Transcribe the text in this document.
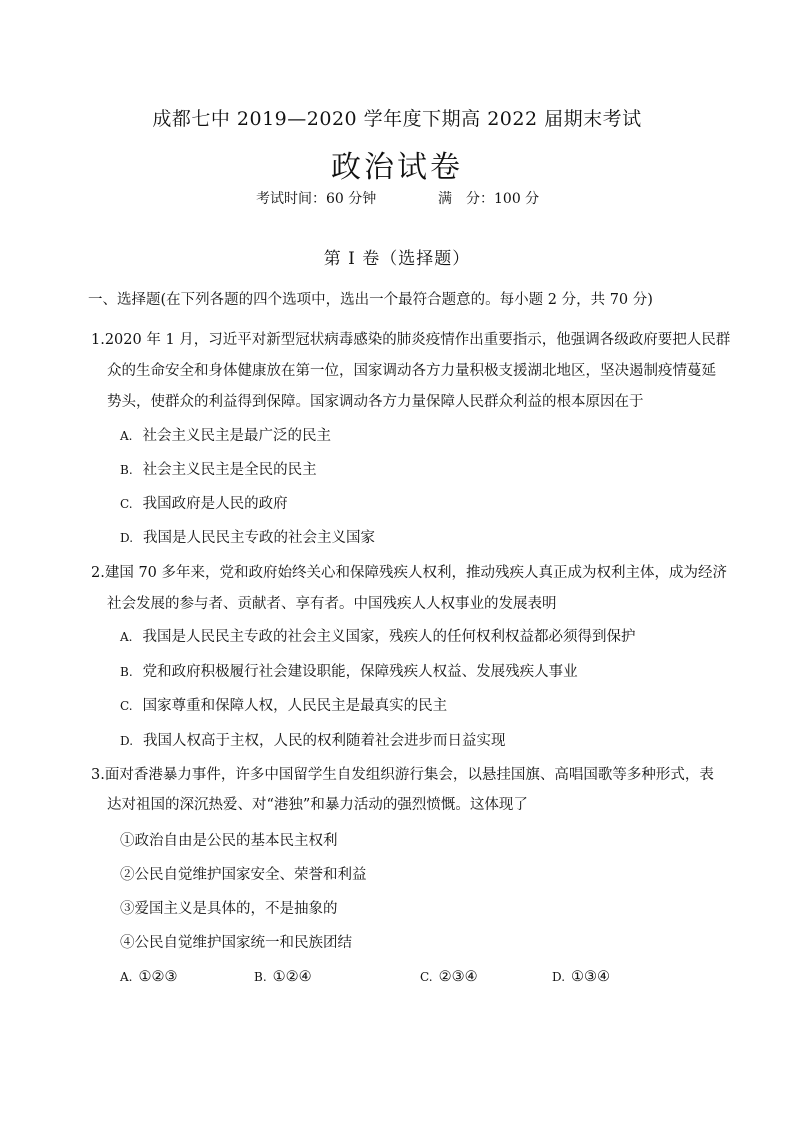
成都七中 2019—2020 学年度下期高 2022 届期末考试
政治试卷
考试时间：60 分钟	满　分：100 分
第 I 卷（选择题）
一、选择题(在下列各题的四个选项中，选出一个最符合题意的。每小题 2 分，共 70 分)
1.2020 年 1 月，习近平对新型冠状病毒感染的肺炎疫情作出重要指示，他强调各级政府要把人民群
众的生命安全和身体健康放在第一位，国家调动各方力量积极支援湖北地区，坚决遏制疫情蔓延
势头，使群众的利益得到保障。国家调动各方力量保障人民群众利益的根本原因在于
A. 社会主义民主是最广泛的民主
B. 社会主义民主是全民的民主
C. 我国政府是人民的政府
D. 我国是人民民主专政的社会主义国家
2.建国 70 多年来，党和政府始终关心和保障残疾人权利，推动残疾人真正成为权利主体，成为经济
社会发展的参与者、贡献者、享有者。中国残疾人人权事业的发展表明
A. 我国是人民民主专政的社会主义国家，残疾人的任何权利权益都必须得到保护
B. 党和政府积极履行社会建设职能，保障残疾人权益、发展残疾人事业
C. 国家尊重和保障人权，人民民主是最真实的民主
D. 我国人权高于主权，人民的权利随着社会进步而日益实现
3.面对香港暴力事件，许多中国留学生自发组织游行集会，以悬挂国旗、高唱国歌等多种形式，表
达对祖国的深沉热爱、对“港独”和暴力活动的强烈愤慨。这体现了
①政治自由是公民的基本民主权利
②公民自觉维护国家安全、荣誉和利益
③爱国主义是具体的，不是抽象的
④公民自觉维护国家统一和民族团结
A. ①②③	B. ①②④	C. ②③④	D. ①③④
